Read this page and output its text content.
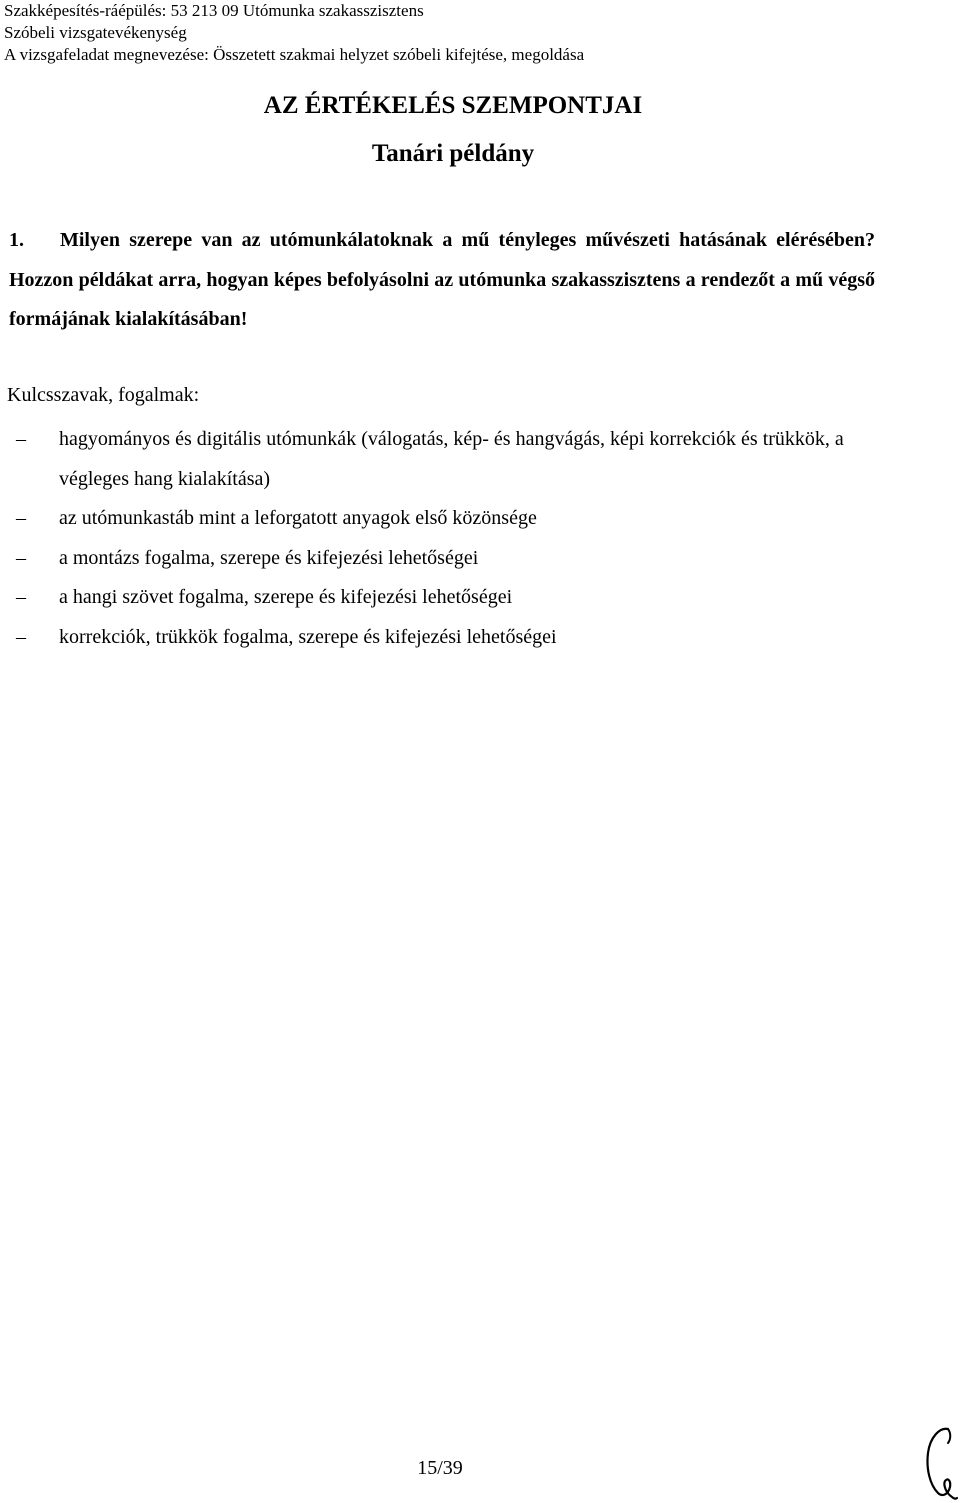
Szakképesítés-ráépülés: 53 213 09 Utómunka szakasszisztens
Szóbeli vizsgatevékenység
A vizsgafeladat megnevezése: Összetett szakmai helyzet szóbeli kifejtése, megoldása
AZ ÉRTÉKELÉS SZEMPONTJAI
Tanári példány
1. Milyen szerepe van az utómunkálatoknak a mű tényleges művészeti hatásának elérésében? Hozzon példákat arra, hogyan képes befolyásolni az utómunka szakasszisztens a rendezőt a mű végső formájának kialakításában!
Kulcsszavak, fogalmak:
–	hagyományos és digitális utómunkák (válogatás, kép- és hangvágás, képi korrekciók és trükkök, a végleges hang kialakítása)
–	az utómunkastáb mint a leforgatott anyagok első közönsége
–	a montázs fogalma, szerepe és kifejezési lehetőségei
–	a hangi szövet fogalma, szerepe és kifejezési lehetőségei
–	korrekciók, trükkök fogalma, szerepe és kifejezési lehetőségei
15/39
